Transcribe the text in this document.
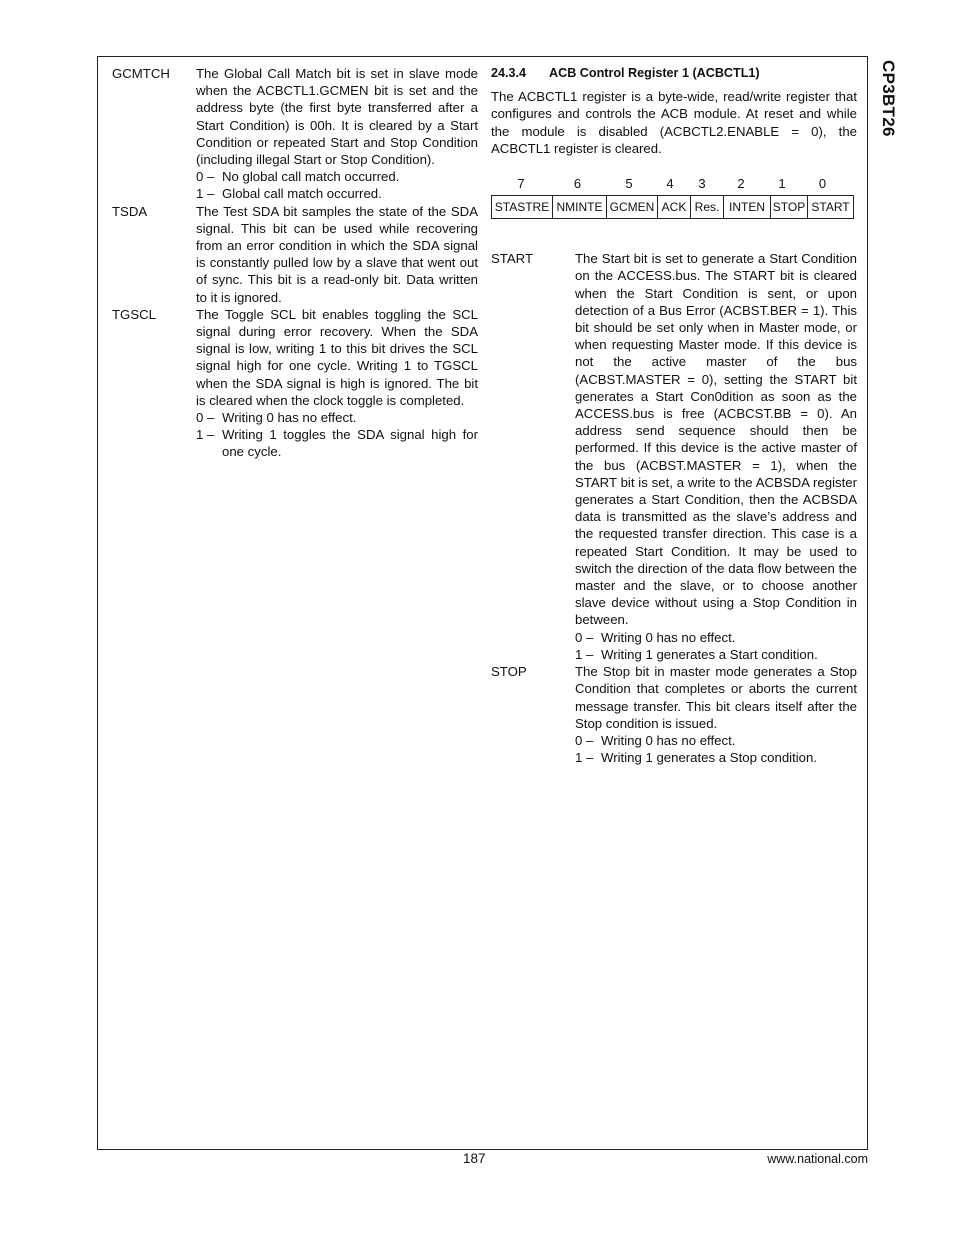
CP3BT26
GCMTCH	The Global Call Match bit is set in slave mode when the ACBCTL1.GCMEN bit is set and the address byte (the first byte transferred after a Start Condition) is 00h. It is cleared by a Start Condition or repeated Start and Stop Condition (including illegal Start or Stop Condition).

0 – No global call match occurred.
1 – Global call match occurred.
TSDA	The Test SDA bit samples the state of the SDA signal. This bit can be used while recovering from an error condition in which the SDA signal is constantly pulled low by a slave that went out of sync. This bit is a read-only bit. Data written to it is ignored.

TGSCL	The Toggle SCL bit enables toggling the SCL signal during error recovery. When the SDA signal is low, writing 1 to this bit drives the SCL signal high for one cycle. Writing 1 to TGSCL when the SDA signal is high is ignored. The bit is cleared when the clock toggle is completed.

0 – Writing 0 has no effect.
1 – Writing 1 toggles the SDA signal high for one cycle.
24.3.4 ACB Control Register 1 (ACBCTL1)

The ACBCTL1 register is a byte-wide, read/write register that configures and controls the ACB module. At reset and while the module is disabled (ACBCTL2.ENABLE = 0), the ACBCTL1 register is cleared.

7	6	5	4	3	2	1	0
STASTRE	NMINTE	GCMEN	ACK	Res.	INTEN	STOP	START
START	The Start bit is set to generate a Start Condition on the ACCESS.bus. The START bit is cleared when the Start Condition is sent, or upon detection of a Bus Error (ACBST.BER = 1). This bit should be set only when in Master mode, or when requesting Master mode. If this device is not the active master of the bus (ACBST.MASTER = 0), setting the START bit generates a Start Con0dition as soon as the ACCESS.bus is free (ACBCST.BB = 0). An address send sequence should then be performed. If this device is the active master of the bus (ACBST.MASTER = 1), when the START bit is set, a write to the ACBSDA register generates a Start Condition, then the ACBSDA data is transmitted as the slave’s address and the requested transfer direction. This case is a repeated Start Condition. It may be used to switch the direction of the data flow between the master and the slave, or to choose another slave device without using a Stop Condition in between.

0 – Writing 0 has no effect.
1 – Writing 1 generates a Start condition.
STOP	The Stop bit in master mode generates a Stop Condition that completes or aborts the current message transfer. This bit clears itself after the Stop condition is issued.

0 – Writing 0 has no effect.
1 – Writing 1 generates a Stop condition.
187	www.national.com
